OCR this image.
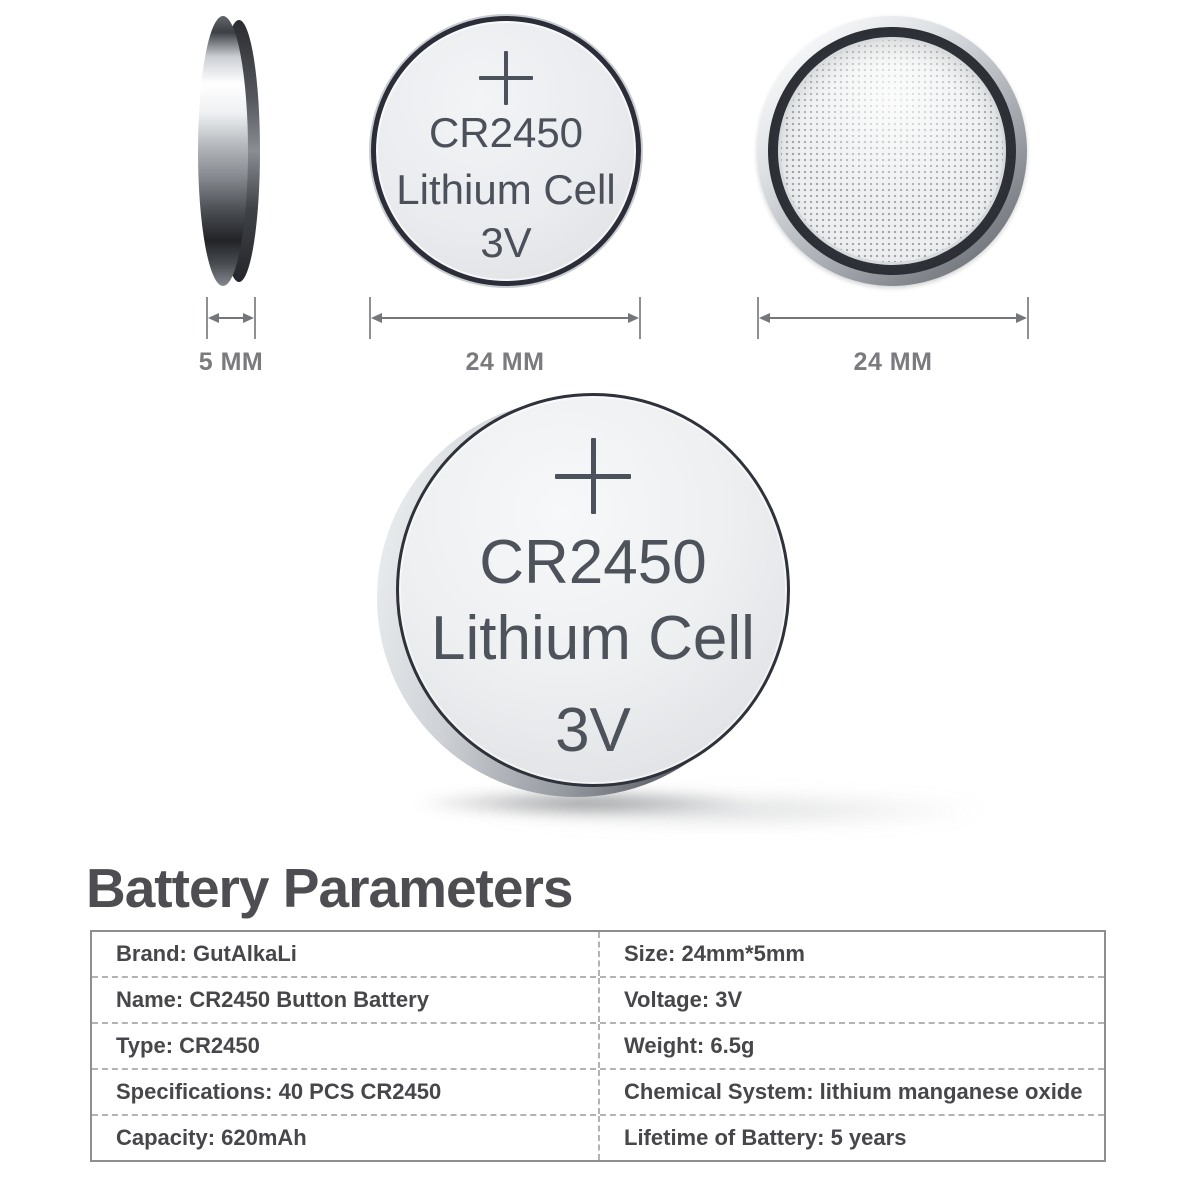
CR2450
Lithium Cell
3V
5 MM	24 MM	24 MM
CR2450
Lithium Cell
3V
Battery Parameters
Brand: GutAlkaLi	Size: 24mm*5mm
Name: CR2450 Button Battery	Voltage: 3V
Type: CR2450	Weight: 6.5g
Specifications: 40 PCS CR2450	Chemical System: lithium manganese oxide
Capacity: 620mAh	Lifetime of Battery: 5 years
